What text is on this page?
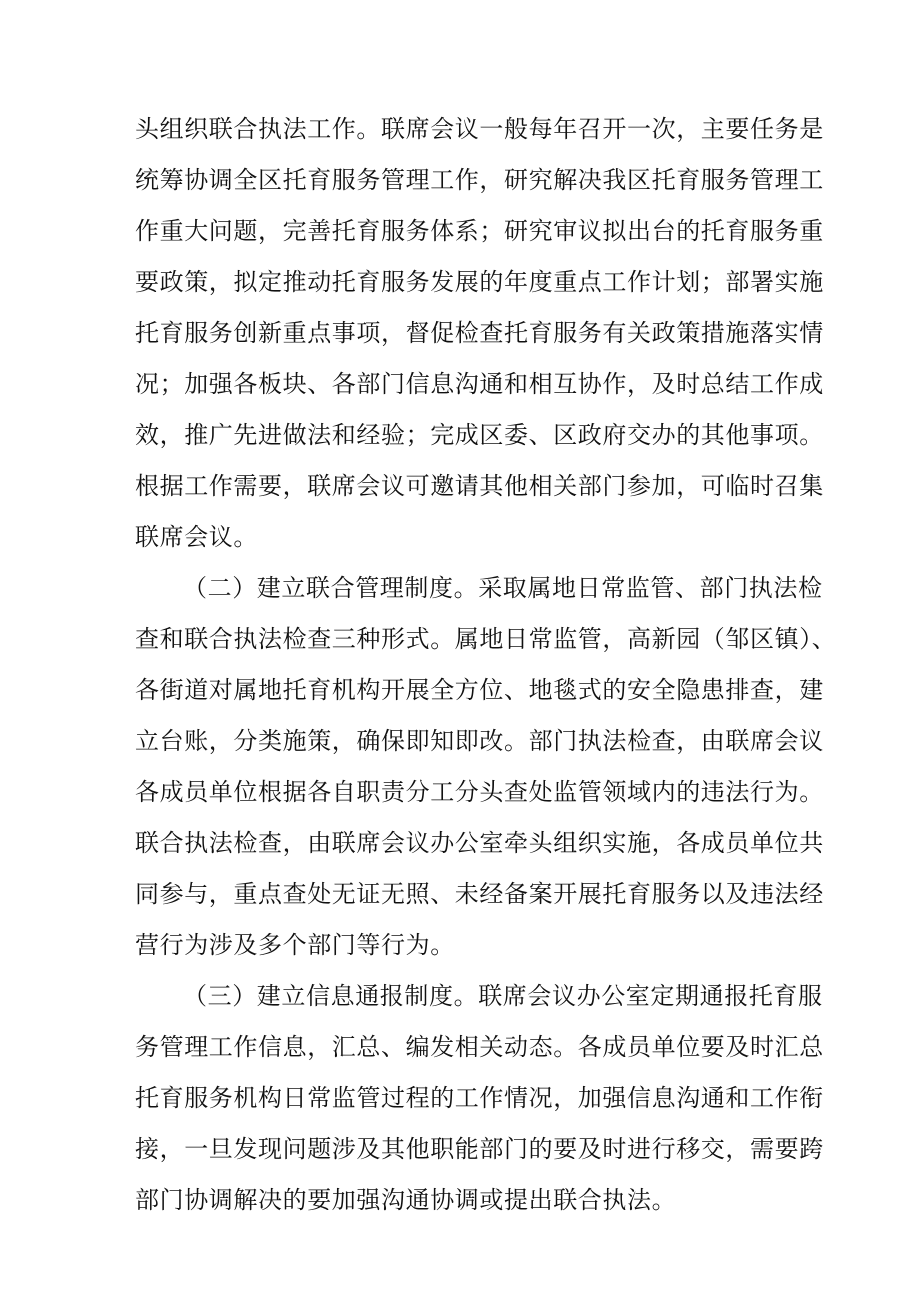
头组织联合执法工作。联席会议一般每年召开一次，主要任务是
统筹协调全区托育服务管理工作，研究解决我区托育服务管理工
作重大问题，完善托育服务体系；研究审议拟出台的托育服务重
要政策，拟定推动托育服务发展的年度重点工作计划；部署实施
托育服务创新重点事项，督促检查托育服务有关政策措施落实情
况；加强各板块、各部门信息沟通和相互协作，及时总结工作成
效，推广先进做法和经验；完成区委、区政府交办的其他事项。
根据工作需要，联席会议可邀请其他相关部门参加，可临时召集
联席会议。
（二）建立联合管理制度。采取属地日常监管、部门执法检
查和联合执法检查三种形式。属地日常监管，高新园（邹区镇）、
各街道对属地托育机构开展全方位、地毯式的安全隐患排查，建
立台账，分类施策，确保即知即改。部门执法检查，由联席会议
各成员单位根据各自职责分工分头查处监管领域内的违法行为。
联合执法检查，由联席会议办公室牵头组织实施，各成员单位共
同参与，重点查处无证无照、未经备案开展托育服务以及违法经
营行为涉及多个部门等行为。
（三）建立信息通报制度。联席会议办公室定期通报托育服
务管理工作信息，汇总、编发相关动态。各成员单位要及时汇总
托育服务机构日常监管过程的工作情况，加强信息沟通和工作衔
接，一旦发现问题涉及其他职能部门的要及时进行移交，需要跨
部门协调解决的要加强沟通协调或提出联合执法。
